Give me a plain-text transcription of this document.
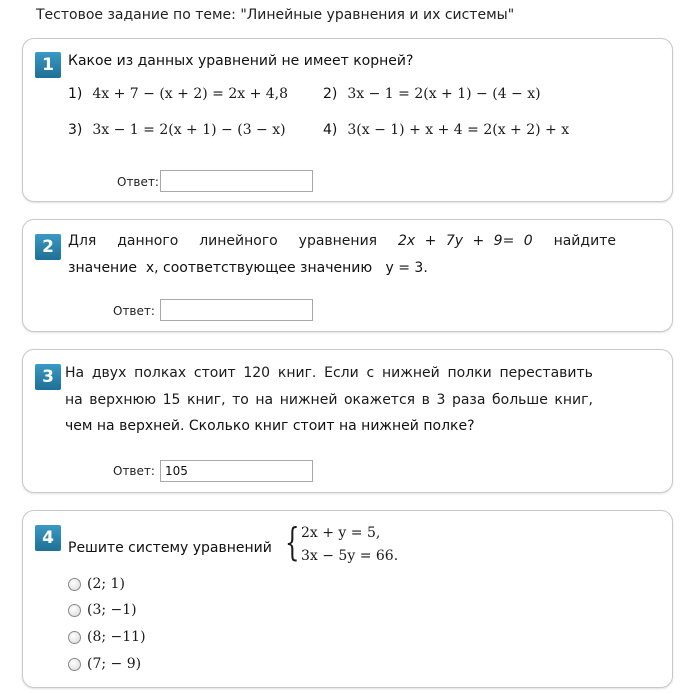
Тестовое задание по теме: "Линейные уравнения и их системы"
1	Какое из данных уравнений не имеет корней?
1) 4x + 7 − (x + 2) = 2x + 4,8 2) 3x − 1 = 2(x + 1) − (4 − x)
3) 3x − 1 = 2(x + 1) − (3 − x)	4) 3(x − 1) + x + 4 = 2(x + 2) + x
Ответ:
2	Для данного линейного уравнения 2x + 7y + 9= 0 найдите
значение  x, соответствующее значению   y = 3.
Ответ:
3 На двух полках стоит 120 книг. Если с нижней полки переставить
на верхнюю 15 книг, то на нижней окажется в 3 раза больше книг,
чем на верхней. Сколько книг стоит на нижней полке?
Ответ:
105
4	Решите систему уравнений { 2x + y = 5,
3x − 5y = 66.
(2; 1)
(3; −1)
(8; −11)
(7; − 9)
